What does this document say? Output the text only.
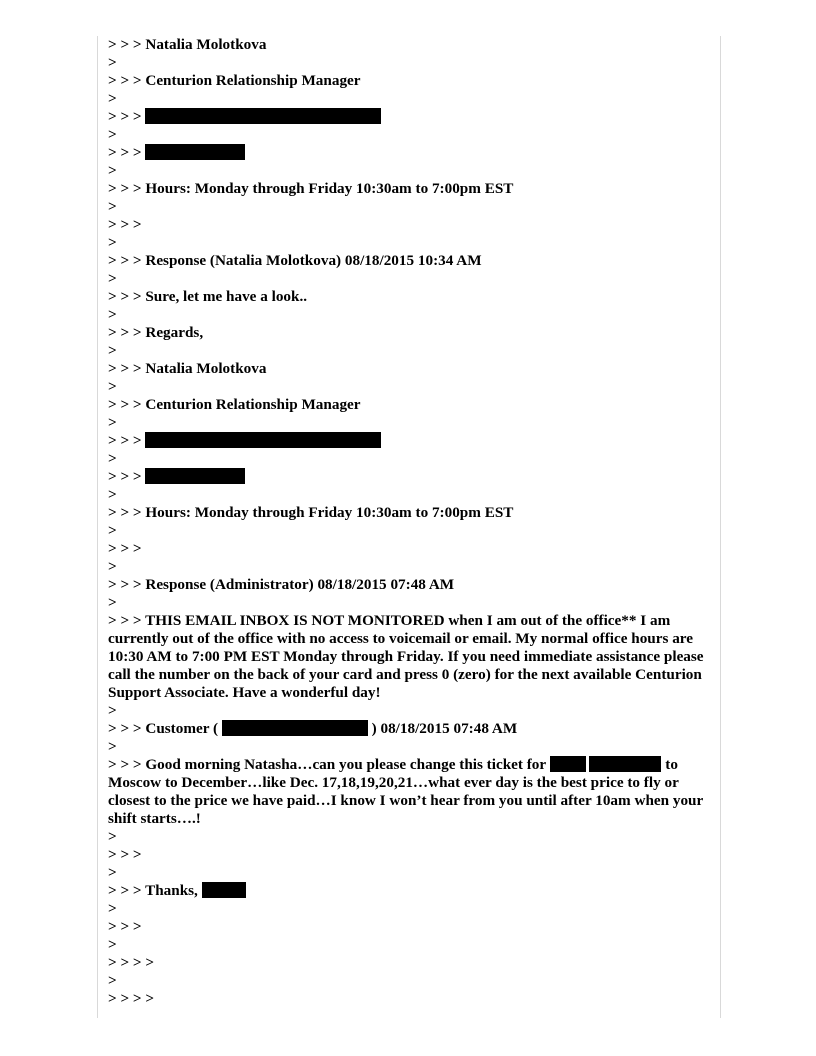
> > > Natalia Molotkova
>
> > > Centurion Relationship Manager
>
> > >
>
> > >
>
> > > Hours: Monday through Friday 10:30am to 7:00pm EST
>
> > >
>
> > > Response (Natalia Molotkova) 08/18/2015 10:34 AM
>
> > > Sure, let me have a look..
>
> > > Regards,
>
> > > Natalia Molotkova
>
> > > Centurion Relationship Manager
>
> > >
>
> > >
>
> > > Hours: Monday through Friday 10:30am to 7:00pm EST
>
> > >
>
> > > Response (Administrator) 08/18/2015 07:48 AM
>
> > > THIS EMAIL INBOX IS NOT MONITORED when I am out of the office** I am currently out of the office with no access to voicemail or email. My normal office hours are 10:30 AM to 7:00 PM EST Monday through Friday. If you need immediate assistance please call the number on the back of your card and press 0 (zero) for the next available Centurion Support Associate. Have a wonderful day!
>
> > > Customer (	) 08/18/2015 07:48 AM
>
> > > Good morning Natasha…can you please change this ticket for	to Moscow to December…like Dec. 17,18,19,20,21…what ever day is the best price to fly or closest to the price we have paid…I know I won’t hear from you until after 10am when your shift starts….!
>
> > >
>
> > > Thanks,
>
> > >
>
> > > >
>
> > > >
